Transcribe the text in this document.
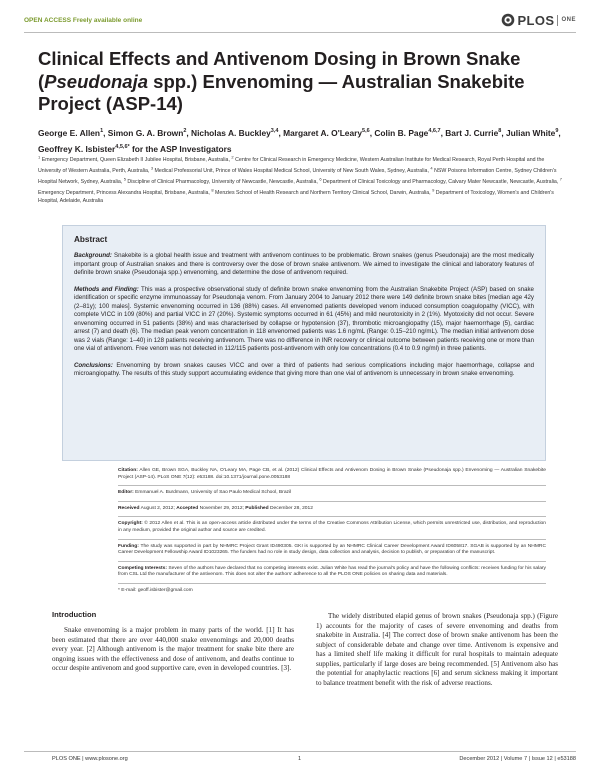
OPEN ACCESS Freely available online	PLOS ONE
Clinical Effects and Antivenom Dosing in Brown Snake
(Pseudonaja spp.) Envenoming — Australian Snakebite
Project (ASP-14)
George E. Allen$^1$, Simon G. A. Brown$^2$, Nicholas A. Buckley$^{3,4}$, Margaret A. O'Leary$^{5,6}$, Colin B. Page$^{4,6,7}$, Bart J. Currie$^8$, Julian White$^9$, Geoffrey K. Isbister$^{4,5,6*}$ for the ASP Investigators
$^1$ Emergency Department, Queen Elizabeth II Jubilee Hospital, Brisbane, Australia, $^2$ Centre for Clinical Research in Emergency Medicine, Western Australian Institute for Medical Research, Royal Perth Hospital and the University of Western Australia, Perth, Australia, $^3$ Medical Professorial Unit, Prince of Wales Hospital Medical School, University of New South Wales, Sydney, Australia, $^4$ NSW Poisons Information Centre, Sydney Children's Hospital Network, Sydney, Australia, $^5$ Discipline of Clinical Pharmacology, University of Newcastle, Newcastle, Australia, $^6$ Department of Clinical Toxicology and Pharmacology, Calvary Mater Newcastle, Newcastle, Australia, $^7$ Emergency Department, Princess Alexandra Hospital, Brisbane, Australia, $^8$ Menzies School of Health Research and Northern Territory Clinical School, Darwin, Australia, $^9$ Department of Toxicology, Women's and Children's Hospital, Adelaide, Australia
Abstract

Background: Snakebite is a global health issue and treatment with antivenom continues to be problematic. Brown snakes (genus Pseudonaja) are the most medically important group of Australian snakes and there is controversy over the dose of brown snake antivenom. We aimed to investigate the clinical and laboratory features of definite brown snake (Pseudonaja spp.) envenoming, and determine the dose of antivenom required.

Methods and Finding: This was a prospective observational study of definite brown snake envenoming from the Australian Snakebite Project (ASP) based on snake identification or specific enzyme immunoassay for Pseudonaja venom. From January 2004 to January 2012 there were 149 definite brown snake bites [median age 42y (2–81y); 100 males]. Systemic envenoming occurred in 136 (88%) cases. All envenomed patients developed venom induced consumption coagulopathy (VICC), with complete VICC in 109 (80%) and partial VICC in 27 (20%). Systemic symptoms occurred in 61 (45%) and mild neurotoxicity in 2 (1%). Myotoxicity did not occur. Severe envenoming occurred in 51 patients (38%) and was characterised by collapse or hypotension (37), thrombotic microangiopathy (15), major haemorrhage (5), cardiac arrest (7) and death (6). The median peak venom concentration in 118 envenomed patients was 1.6 ng/mL (Range: 0.15–210 ng/mL). The median initial antivenom dose was 2 vials (Range: 1–40) in 128 patients receiving antivenom. There was no difference in INR recovery or clinical outcome between patients receiving one or more than one vial of antivenom. Free venom was not detected in 112/115 patients post-antivenom with only low concentrations (0.4 to 0.9 ng/ml) in three patients.

Conclusions: Envenoming by brown snakes causes VICC and over a third of patients had serious complications including major haemorrhage, collapse and microangiopathy. The results of this study support accumulating evidence that giving more than one vial of antivenom is unnecessary in brown snake envenoming.

Citation: Allen GE, Brown SGA, Buckley NA, O'Leary MA, Page CB, et al. (2012) Clinical Effects and Antivenom Dosing in Brown Snake (Pseudonaja spp.) Envenoming — Australian Snakebite Project (ASP-14). PLoS ONE 7(12): e53188. doi:10.1371/journal.pone.0053188

Editor: Emmanuel A. Burdmann, University of Sao Paulo Medical School, Brazil

Received August 2, 2012; Accepted November 29, 2012; Published December 28, 2012

Copyright: © 2012 Allen et al. This is an open-access article distributed under the terms of the Creative Commons Attribution License, which permits unrestricted use, distribution, and reproduction in any medium, provided the original author and source are credited.

Funding: The study was supported in part by NHMRC Project Grant ID490305. GKI is supported by an NHMRC Clinical Career Development Award ID605817. SGAB is supported by an NHMRC Career Development Fellowship Award ID1023265. The funders had no role in study design, data collection and analysis, decision to publish, or preparation of the manuscript.

Competing Interests: Seven of the authors have declared that no competing interests exist. Julian White has read the journal's policy and have the following conflicts: receives funding for his salary from CSL Ltd the manufacturer of the antivenom. This does not alter the authors' adherence to all the PLOS ONE policies on sharing data and materials.

* E-mail: geoff.isbister@gmail.com

Introduction

Snake envenoming is a major problem in many parts of the world. [1] It has been estimated that there are over 440,000 snake envenomings and 20,000 deaths every year. [2] Although antivenom is the major treatment for snake bite there are ongoing issues with the effectiveness and dose of antivenom, and deaths continue to occur despite antivenom and good supportive care, even in developed countries. [3].

The widely distributed elapid genus of brown snakes (Pseudonaja spp.) (Figure 1) accounts for the majority of cases of severe envenoming and deaths from snakebite in Australia. [4] The correct dose of brown snake antivenom has been the subject of considerable debate and change over time. Antivenom is expensive and has a limited shelf life making it difficult for rural hospitals to maintain adequate supplies, particularly if large doses are being recommended. [5] Antivenom also has the potential for anaphylactic reactions [6] and serum sickness making it important to balance treatment benefit with the risk of adverse reactions.

PLOS ONE | www.plosone.org	1	December 2012 | Volume 7 | Issue 12 | e53188
